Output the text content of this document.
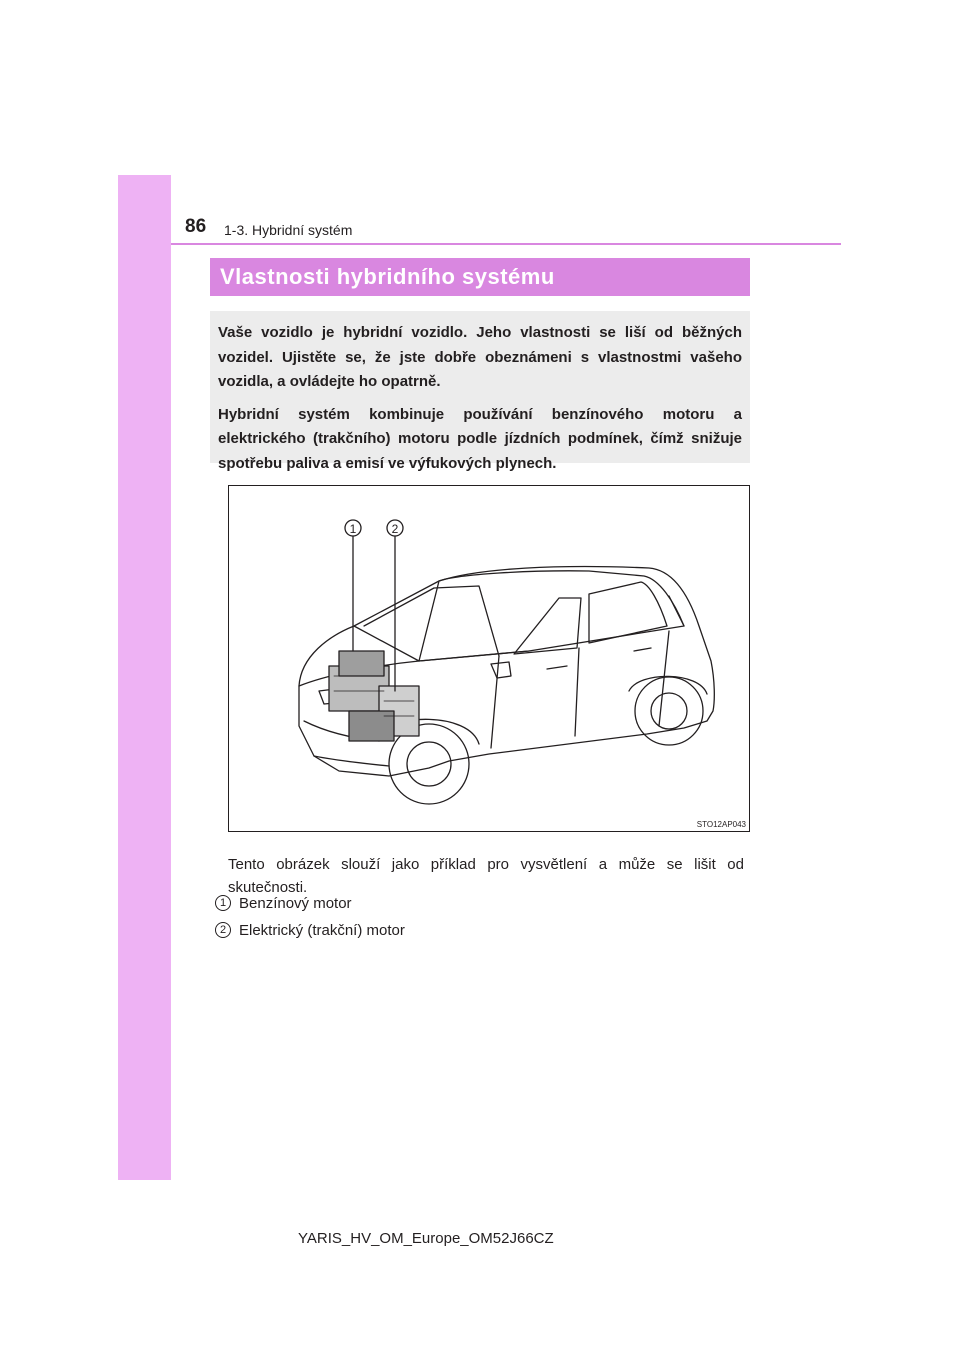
86 1-3. Hybridní systém
Vlastnosti hybridního systému

Vaše vozidlo je hybridní vozidlo. Jeho vlastnosti se liší od běžných vozidel. Ujistěte se, že jste dobře obeznámeni s vlastnostmi vašeho vozidla, a ovládejte ho opatrně.

Hybridní systém kombinuje používání benzínového motoru a elektrického (trakčního) motoru podle jízdních podmínek, čímž snižuje spotřebu paliva a emisí ve výfukových plynech.

1	2
STO12AP043

Tento obrázek slouží jako příklad pro vysvětlení a může se lišit od skutečnosti.

1 Benzínový motor
2 Elektrický (trakční) motor
YARIS_HV_OM_Europe_OM52J66CZ
